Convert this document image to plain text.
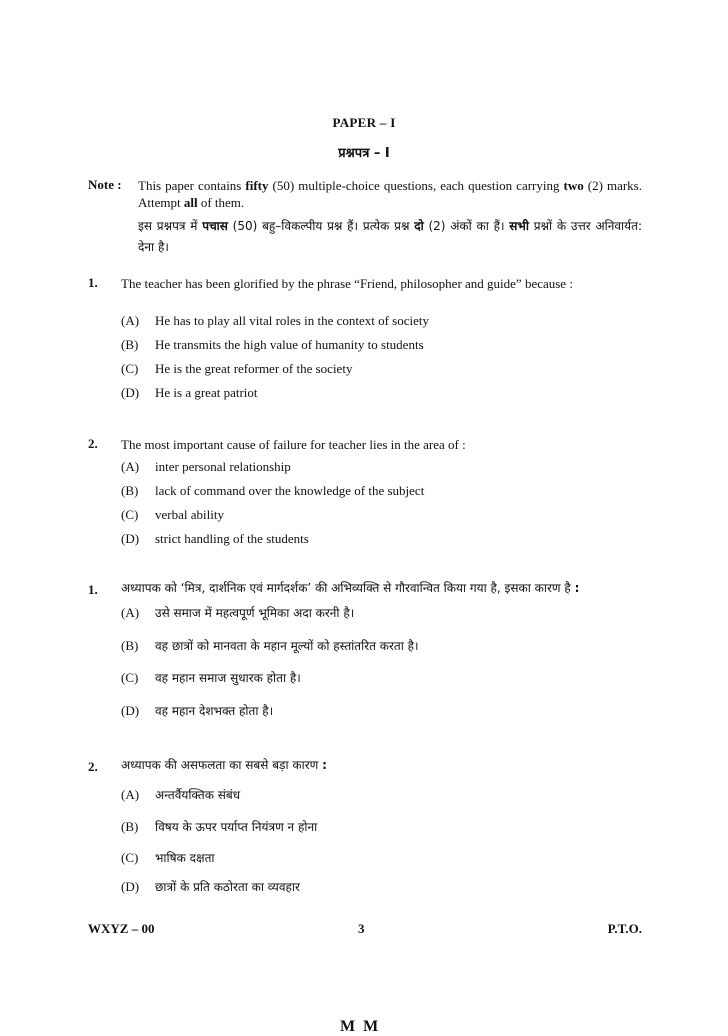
PAPER – I
प्रश्नपत्र – I
Note : This paper contains fifty (50) multiple-choice questions, each question carrying two (2) marks. Attempt all of them.
इस प्रश्नपत्र में पचास (50) बहु–विकल्पीय प्रश्न हैं। प्रत्येक प्रश्न दो (2) अंकों का हैं। सभी प्रश्नों के उत्तर अनिवार्यत: देना है।
1. The teacher has been glorified by the phrase “Friend, philosopher and guide” because :
(A)	He has to play all vital roles in the context of society
(B)	He transmits the high value of humanity to students
(C)	He is the great reformer of the society
(D)	He is a great patriot
2. The most important cause of failure for teacher lies in the area of :
(A)	inter personal relationship
(B)	lack of command over the knowledge of the subject
(C)	verbal ability
(D)	strict handling of the students
1. अध्यापक को ‘मित्र, दार्शनिक एवं मार्गदर्शक’ की अभिव्यक्ति से गौरवान्वित किया गया है, इसका कारण है :
(A)	उसे समाज में महत्वपूर्ण भूमिका अदा करनी है।
(B)	वह छात्रों को मानवता के महान मूल्यों को हस्तांतरित करता है।
(C)	वह महान समाज सुधारक होता है।
(D)	वह महान देशभक्त होता है।
2. अध्यापक की असफलता का सबसे बड़ा कारण :
(A)	अन्तर्वैयक्तिक संबंध
(B)	विषय के ऊपर पर्याप्त नियंत्रण न होना
(C)	भाषिक दक्षता
(D)	छात्रों के प्रति कठोरता का व्यवहार
WXYZ – 00	3	P.T.O.
M M
